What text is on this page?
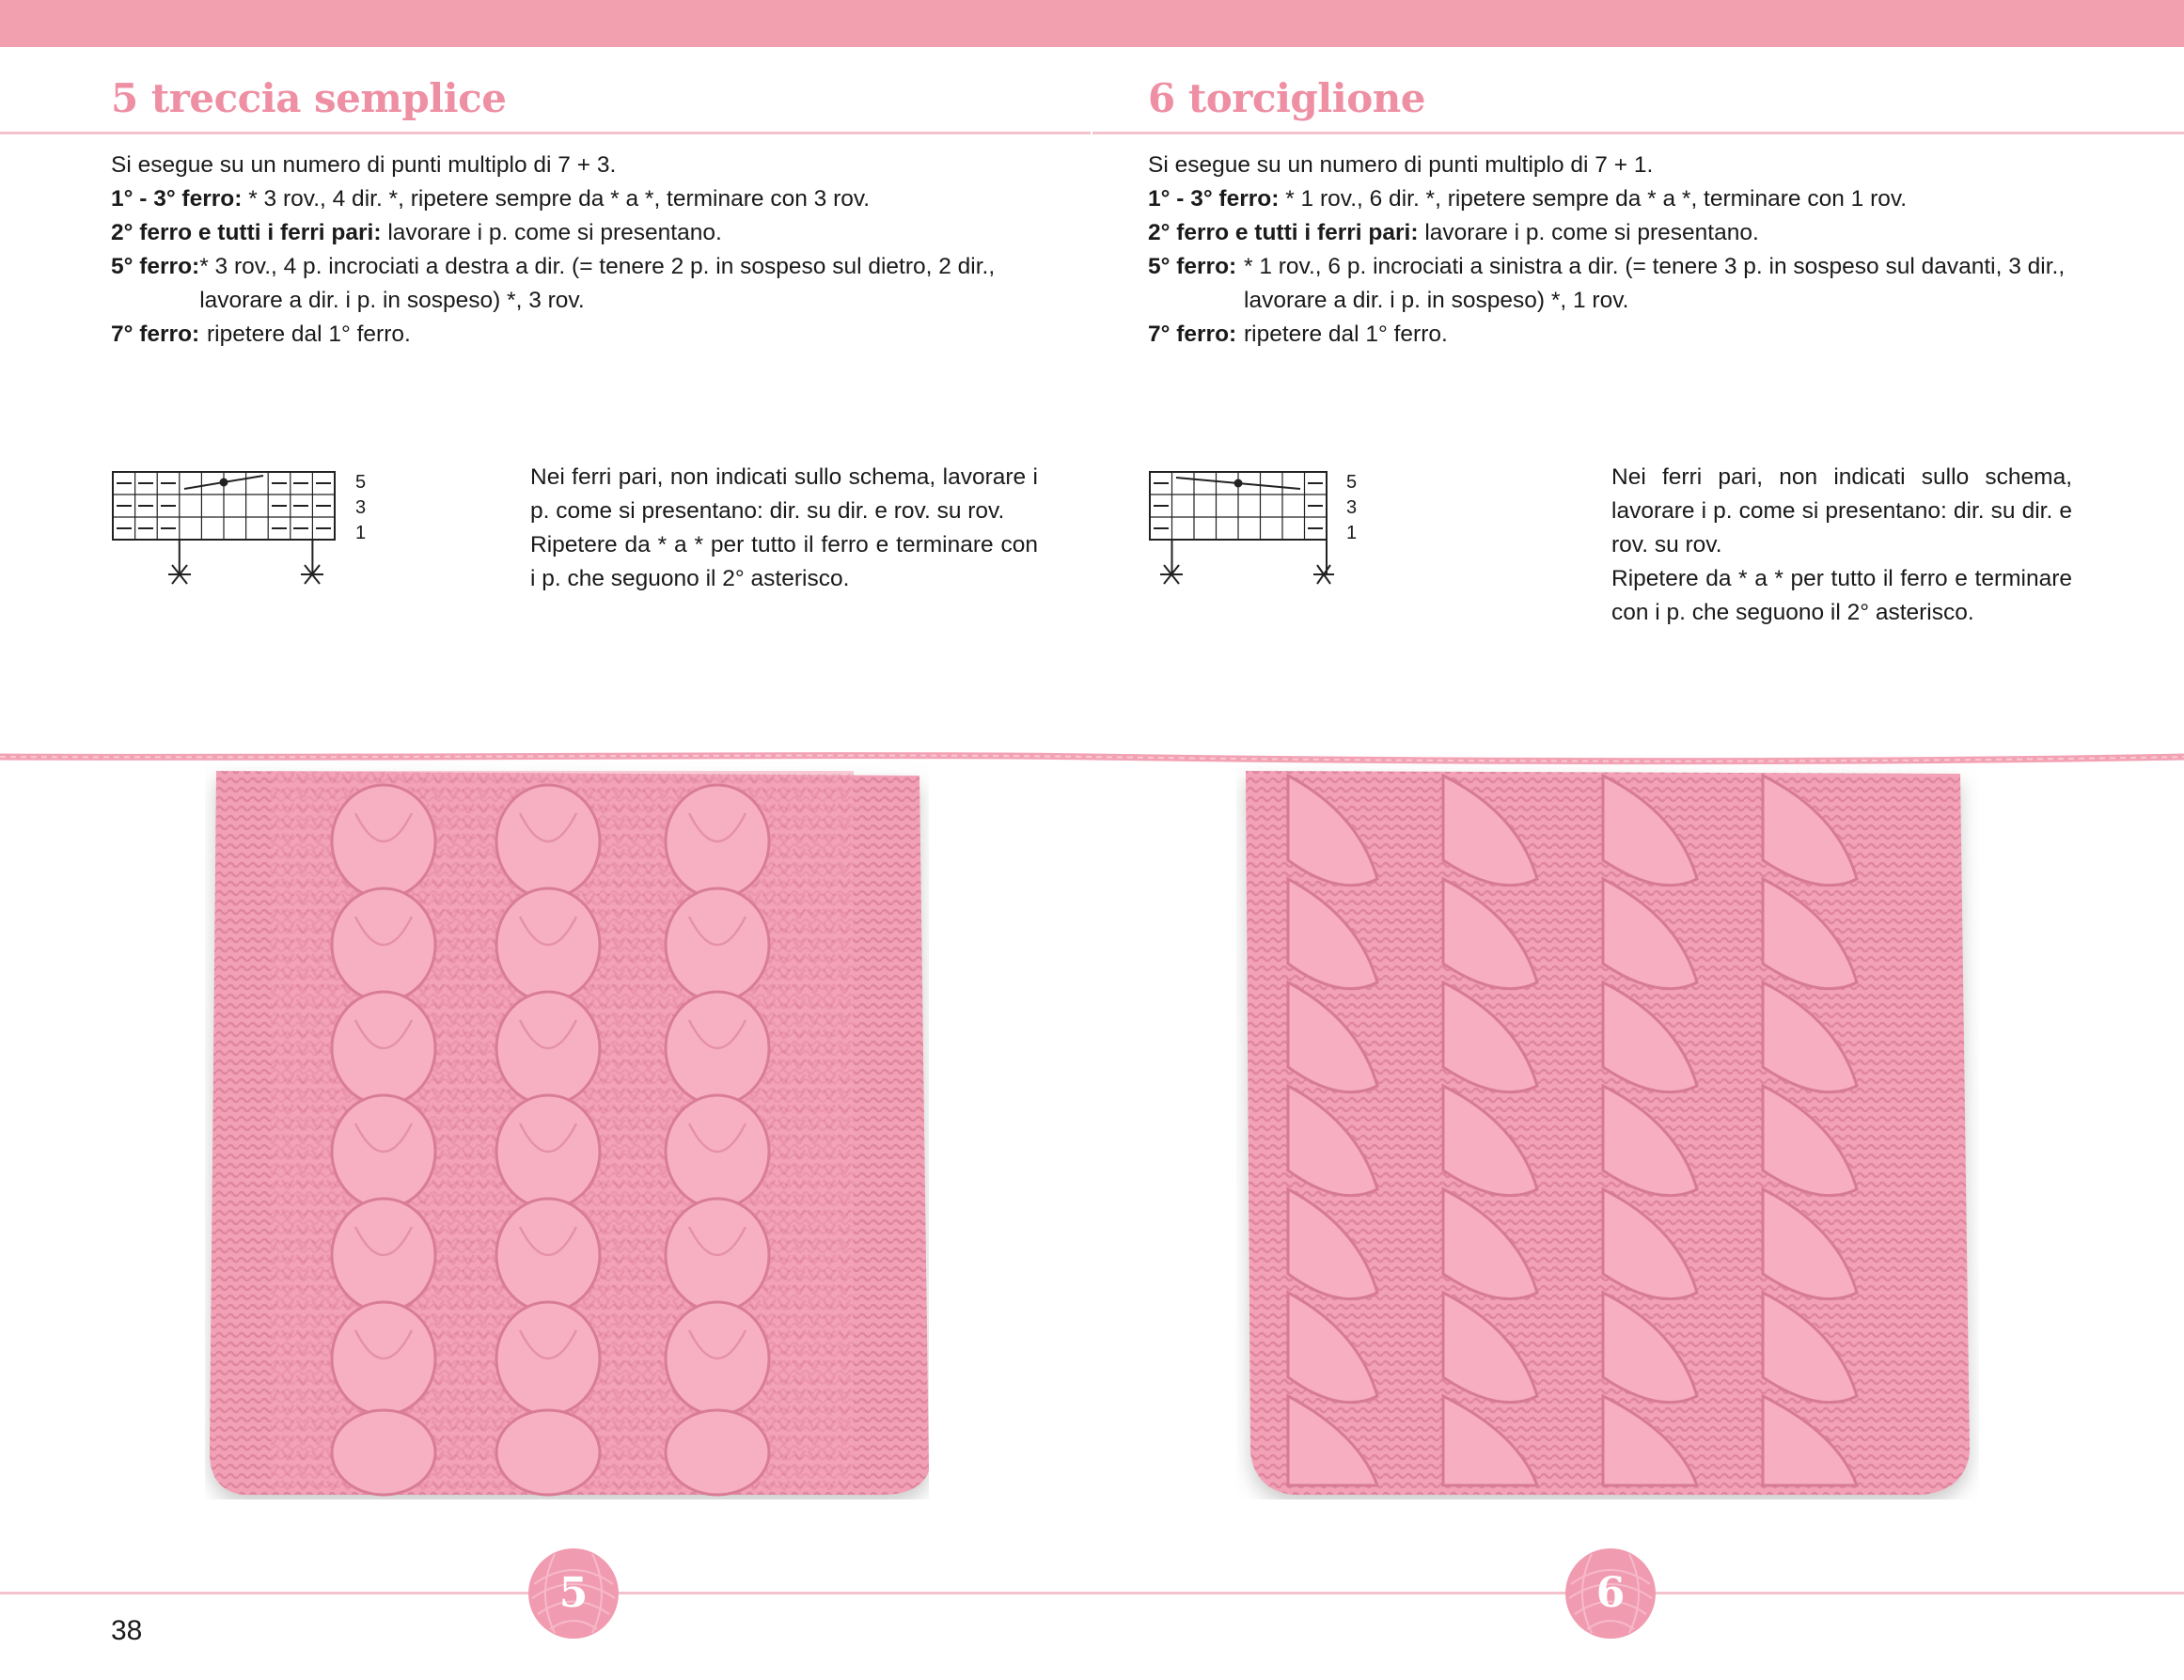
5 treccia semplice
Si esegue su un numero di punti multiplo di 7 + 3.
1° - 3° ferro:
* 3 rov., 4 dir. *, ripetere sempre da * a *, terminare con 3 rov.
2° ferro e tutti i ferri pari:
lavorare i p. come si presentano.
5° ferro: * 3 rov., 4 p. incrociati a destra a dir. (= tenere 2 p. in sospeso sul dietro, 2 dir., lavorare a dir. i p. in sospeso) *, 3 rov.
7° ferro: ripetere dal 1° ferro.
5
3
1

Nei ferri pari, non indicati sullo schema, lavorare i p. come si presentano: dir. su dir. e rov. su rov.

Ripetere da * a * per tutto il ferro e terminare con i p. che seguono il 2° asterisco.

6 torciglione
Si esegue su un numero di punti multiplo di 7 + 1.
1° - 3° ferro:
* 1 rov., 6 dir. *, ripetere sempre da * a *, terminare con 1 rov.
2° ferro e tutti i ferri pari:
lavorare i p. come si presentano.
5° ferro: * 1 rov., 6 p. incrociati a sinistra a dir. (= tenere 3 p. in sospeso sul davanti, 3 dir., lavorare a dir. i p. in sospeso) *, 1 rov.
7° ferro: ripetere dal 1° ferro.
5
3
1

Nei ferri pari, non indicati sullo schema, lavorare i p. come si presentano: dir. su dir. e rov. su rov.

Ripetere da * a * per tutto il ferro e terminare con i p. che seguono il 2° asterisco.

5	6
38
